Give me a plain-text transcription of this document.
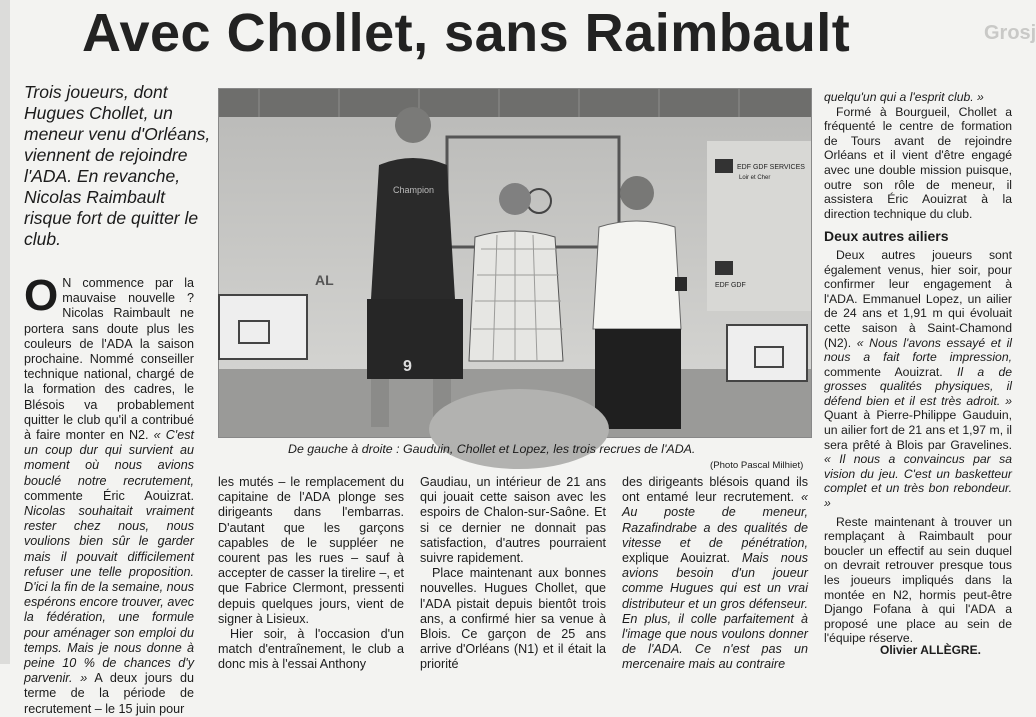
Grosj
Avec Chollet, sans Raimbault
Trois joueurs, dont Hugues Chollet, un meneur venu d'Orléans, viennent de rejoindre l'ADA. En revanche, Nicolas Raimbault risque fort de quitter le club.
O N commence par la mauvaise nouvelle ? Nicolas Raimbault ne portera sans doute plus les couleurs de l'ADA la saison prochaine. Nommé conseiller technique national, chargé de la formation des cadres, le Blésois va probablement quitter le club qu'il a contribué à faire monter en N2. « C'est un coup dur qui survient au moment où nous avions bouclé notre recrutement, commente Éric Aouizrat. Nicolas souhaitait vraiment rester chez nous, nous voulions bien sûr le garder mais il pouvait difficilement refuser une telle proposition. D'ici la fin de la semaine, nous espérons encore trouver, avec la fédération, une formule pour aménager son emploi du temps. Mais je nous donne à peine 10 % de chances d'y parvenir. » A deux jours du terme de la période de recrutement – le 15 juin pour
EDF GDF SERVICES
Loir et Cher
EDF GDF
AL
Champion
9
De gauche à droite : Gauduin, Chollet et Lopez, les trois recrues de l'ADA.
(Photo Pascal Milhiet)
les mutés – le remplacement du capitaine de l'ADA plonge ses dirigeants dans l'embarras. D'autant que les garçons capables de le suppléer ne courent pas les rues – sauf à accepter de casser la tirelire –, et que Fabrice Clermont, pressenti depuis quelques jours, vient de signer à Lisieux.
Hier soir, à l'occasion d'un match d'entraînement, le club a donc mis à l'essai Anthony
Gaudiau, un intérieur de 21 ans qui jouait cette saison avec les espoirs de Chalon-sur-Saône. Et si ce dernier ne donnait pas satisfaction, d'autres pourraient suivre rapidement.
Place maintenant aux bonnes nouvelles. Hugues Chollet, que l'ADA pistait depuis bientôt trois ans, a confirmé hier sa venue à Blois. Ce garçon de 25 ans arrive d'Orléans (N1) et il était la priorité
des dirigeants blésois quand ils ont entamé leur recrutement. « Au poste de meneur, Razafindrabe a des qualités de vitesse et de pénétration, explique Aouizrat. Mais nous avions besoin d'un joueur comme Hugues qui est un vrai distributeur et un gros défenseur. En plus, il colle parfaitement à l'image que nous voulons donner de l'ADA. Ce n'est pas un mercenaire mais au contraire
quelqu'un qui a l'esprit club. »
Formé à Bourgueil, Chollet a fréquenté le centre de formation de Tours avant de rejoindre Orléans et il vient d'être engagé avec une double mission puisque, outre son rôle de meneur, il assistera Éric Aouizrat à la direction technique du club.
Deux autres ailiers
Deux autres joueurs sont également venus, hier soir, pour confirmer leur engagement à l'ADA. Emmanuel Lopez, un ailier de 24 ans et 1,91 m qui évoluait cette saison à Saint-Chamond (N2). « Nous l'avons essayé et il nous a fait forte impression, commente Aouizrat. Il a de grosses qualités physiques, il défend bien et il est très adroit. » Quant à Pierre-Philippe Gauduin, un ailier fort de 21 ans et 1,97 m, il sera prêté à Blois par Gravelines. « Il nous a convaincus par sa vision du jeu. C'est un basketteur complet et un très bon rebondeur. »
Reste maintenant à trouver un remplaçant à Raimbault pour boucler un effectif au sein duquel on devrait retrouver presque tous les joueurs impliqués dans la montée en N2, hormis peut-être Django Fofana à qui l'ADA a proposé une place au sein de l'équipe réserve.
Olivier ALLÈGRE.
